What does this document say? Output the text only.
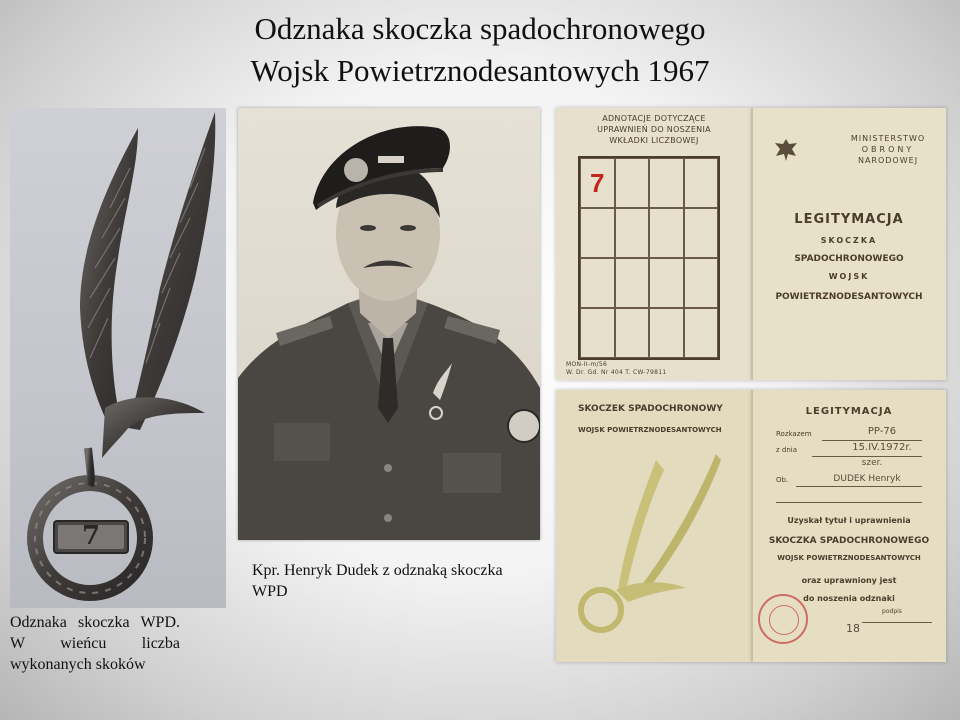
Odznaka skoczka spadochronowego
Wojsk Powietrznodesantowych 1967
7
Odznaka skoczka WPD. W wieńcu liczba wykonanych skoków
Kpr. Henryk Dudek z odznaką skoczka WPD
ADNOTACJE DOTYCZĄCE
UPRAWNIEŃ DO NOSZENIA
WKŁADKI LICZBOWEJ
MON-II-m/56
W. Dr. Gd. Nr 404 T. CW-79811
7
MINISTERSTWO
OBRONY
NARODOWEJ
LEGITYMACJA
SKOCZKA
SPADOCHRONOWEGO
WOJSK
POWIETRZNODESANTOWYCH
SKOCZEK SPADOCHRONOWY
WOJSK POWIETRZNODESANTOWYCH
LEGITYMACJA
Rozkazem	PP-76
z dnia	15.IV.1972r.
szer.
Ob.	DUDEK Henryk
Uzyskał tytuł i uprawnienia
SKOCZKA SPADOCHRONOWEGO
WOJSK POWIETRZNODESANTOWYCH
oraz uprawniony jest
do noszenia odznaki
podpis
18
